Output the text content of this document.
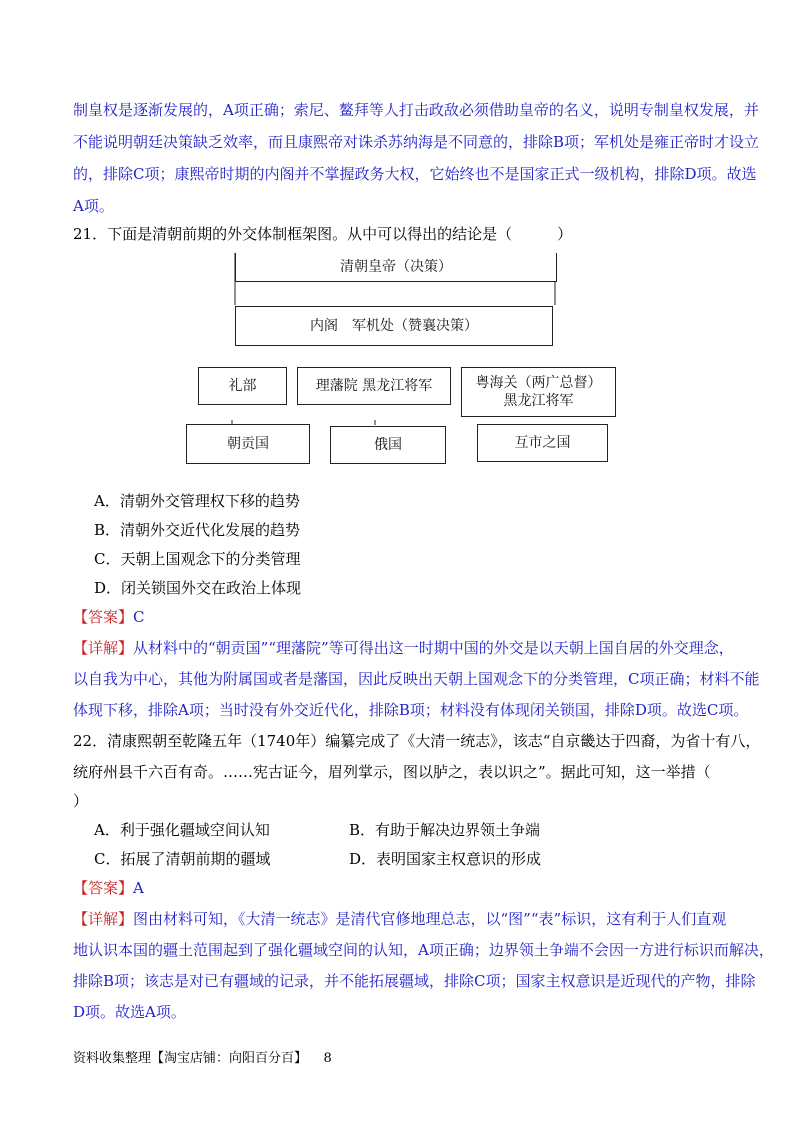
制皇权是逐渐发展的，A项正确；索尼、鳌拜等人打击政敌必须借助皇帝的名义，说明专制皇权发展，并
不能说明朝廷决策缺乏效率，而且康熙帝对诛杀苏纳海是不同意的，排除B项；军机处是雍正帝时才设立
的，排除C项；康熙帝时期的内阁并不掌握政务大权，它始终也不是国家正式一级机构，排除D项。故选
A项。
21．下面是清朝前期的外交体制框架图。从中可以得出的结论是（　　　）
清朝皇帝（决策）
内阁　军机处（赞襄决策）
礼部	理藩院 黑龙江将军	粤海关（两广总督）
黑龙江将军
朝贡国	俄国	互市之国
A．清朝外交管理权下移的趋势
B．清朝外交近代化发展的趋势
C．天朝上国观念下的分类管理
D．闭关锁国外交在政治上体现
【答案】C
【详解】从材料中的“朝贡国”“理藩院”等可得出这一时期中国的外交是以天朝上国自居的外交理念，
以自我为中心，其他为附属国或者是藩国，因此反映出天朝上国观念下的分类管理，C项正确；材料不能
体现下移，排除A项；当时没有外交近代化，排除B项；材料没有体现闭关锁国，排除D项。故选C项。
22．清康熙朝至乾隆五年（1740年）编纂完成了《大清一统志》，该志“自京畿达于四裔，为省十有八，
统府州县千六百有奇。……宪古证今，眉列掌示，图以胪之，表以识之”。据此可知，这一举措（
）
A．利于强化疆域空间认知	B．有助于解决边界领土争端
C．拓展了清朝前期的疆域	D．表明国家主权意识的形成
【答案】A
【详解】图由材料可知，《大清一统志》是清代官修地理总志，以“图”“表”标识，这有利于人们直观
地认识本国的疆土范围起到了强化疆域空间的认知，A项正确；边界领土争端不会因一方进行标识而解决，
排除B项；该志是对已有疆域的记录，并不能拓展疆域，排除C项；国家主权意识是近现代的产物，排除
D项。故选A项。
资料收集整理【淘宝店铺：向阳百分百】 8
